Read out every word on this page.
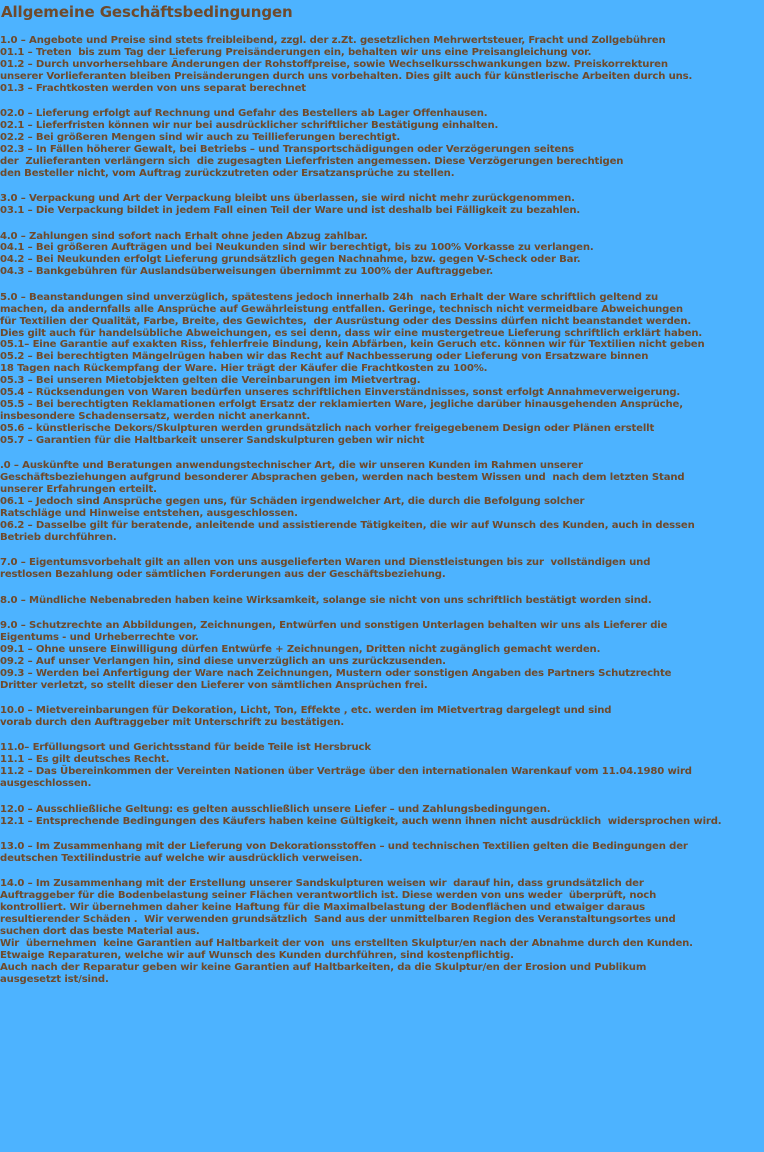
Allgemeine Geschäftsbedingungen
1.0 – Angebote und Preise sind stets freibleibend, zzgl. der z.Zt. gesetzlichen Mehrwertsteuer, Fracht und Zollgebühren
01.1 – Treten  bis zum Tag der Lieferung Preisänderungen ein, behalten wir uns eine Preisangleichung vor.
01.2 – Durch unvorhersehbare Änderungen der Rohstoffpreise, sowie Wechselkursschwankungen bzw. Preiskorrekturen
unserer Vorlieferanten bleiben Preisänderungen durch uns vorbehalten. Dies gilt auch für künstlerische Arbeiten durch uns.
01.3 – Frachtkosten werden von uns separat berechnet
02.0 – Lieferung erfolgt auf Rechnung und Gefahr des Bestellers ab Lager Offenhausen.
02.1 – Lieferfristen können wir nur bei ausdrücklicher schriftlicher Bestätigung einhalten.
02.2 – Bei größeren Mengen sind wir auch zu Teillieferungen berechtigt.
02.3 – In Fällen höherer Gewalt, bei Betriebs – und Transportschädigungen oder Verzögerungen seitens
der  Zulieferanten verlängern sich  die zugesagten Lieferfristen angemessen. Diese Verzögerungen berechtigen
den Besteller nicht, vom Auftrag zurückzutreten oder Ersatzansprüche zu stellen.
3.0 – Verpackung und Art der Verpackung bleibt uns überlassen, sie wird nicht mehr zurückgenommen.
03.1 – Die Verpackung bildet in jedem Fall einen Teil der Ware und ist deshalb bei Fälligkeit zu bezahlen.
4.0 – Zahlungen sind sofort nach Erhalt ohne jeden Abzug zahlbar.
04.1 – Bei größeren Aufträgen und bei Neukunden sind wir berechtigt, bis zu 100% Vorkasse zu verlangen.
04.2 – Bei Neukunden erfolgt Lieferung grundsätzlich gegen Nachnahme, bzw. gegen V-Scheck oder Bar.
04.3 – Bankgebühren für Auslandsüberweisungen übernimmt zu 100% der Auftraggeber.
5.0 – Beanstandungen sind unverzüglich, spätestens jedoch innerhalb 24h  nach Erhalt der Ware schriftlich geltend zu
machen, da andernfalls alle Ansprüche auf Gewährleistung entfallen. Geringe, technisch nicht vermeidbare Abweichungen
für Textilien der Qualität, Farbe, Breite, des Gewichtes,  der Ausrüstung oder des Dessins dürfen nicht beanstandet werden.
Dies gilt auch für handelsübliche Abweichungen, es sei denn, dass wir eine mustergetreue Lieferung schriftlich erklärt haben.
05.1– Eine Garantie auf exakten Riss, fehlerfreie Bindung, kein Abfärben, kein Geruch etc. können wir für Textilien nicht geben
05.2 – Bei berechtigten Mängelrügen haben wir das Recht auf Nachbesserung oder Lieferung von Ersatzware binnen
18 Tagen nach Rückempfang der Ware. Hier trägt der Käufer die Frachtkosten zu 100%.
05.3 – Bei unseren Mietobjekten gelten die Vereinbarungen im Mietvertrag.
05.4 – Rücksendungen von Waren bedürfen unseres schriftlichen Einverständnisses, sonst erfolgt Annahmeverweigerung.
05.5 – Bei berechtigten Reklamationen erfolgt Ersatz der reklamierten Ware, jegliche darüber hinausgehenden Ansprüche,
insbesondere Schadensersatz, werden nicht anerkannt.
05.6 – künstlerische Dekors/Skulpturen werden grundsätzlich nach vorher freigegebenem Design oder Plänen erstellt
05.7 – Garantien für die Haltbarkeit unserer Sandskulpturen geben wir nicht
.0 – Auskünfte und Beratungen anwendungstechnischer Art, die wir unseren Kunden im Rahmen unserer
Geschäftsbeziehungen aufgrund besonderer Absprachen geben, werden nach bestem Wissen und  nach dem letzten Stand
unserer Erfahrungen erteilt.
06.1 – Jedoch sind Ansprüche gegen uns, für Schäden irgendwelcher Art, die durch die Befolgung solcher
Ratschläge und Hinweise entstehen, ausgeschlossen.
06.2 – Dasselbe gilt für beratende, anleitende und assistierende Tätigkeiten, die wir auf Wunsch des Kunden, auch in dessen
Betrieb durchführen.
7.0 – Eigentumsvorbehalt gilt an allen von uns ausgelieferten Waren und Dienstleistungen bis zur  vollständigen und
restlosen Bezahlung oder sämtlichen Forderungen aus der Geschäftsbeziehung.
8.0 – Mündliche Nebenabreden haben keine Wirksamkeit, solange sie nicht von uns schriftlich bestätigt worden sind.
9.0 – Schutzrechte an Abbildungen, Zeichnungen, Entwürfen und sonstigen Unterlagen behalten wir uns als Lieferer die
Eigentums - und Urheberrechte vor.
09.1 – Ohne unsere Einwilligung dürfen Entwürfe + Zeichnungen, Dritten nicht zugänglich gemacht werden.
09.2 – Auf unser Verlangen hin, sind diese unverzüglich an uns zurückzusenden.
09.3 – Werden bei Anfertigung der Ware nach Zeichnungen, Mustern oder sonstigen Angaben des Partners Schutzrechte
Dritter verletzt, so stellt dieser den Lieferer von sämtlichen Ansprüchen frei.
10.0 – Mietvereinbarungen für Dekoration, Licht, Ton, Effekte , etc. werden im Mietvertrag dargelegt und sind
vorab durch den Auftraggeber mit Unterschrift zu bestätigen.
11.0– Erfüllungsort und Gerichtsstand für beide Teile ist Hersbruck
11.1 – Es gilt deutsches Recht.
11.2 – Das Übereinkommen der Vereinten Nationen über Verträge über den internationalen Warenkauf vom 11.04.1980 wird
ausgeschlossen.
12.0 – Ausschließliche Geltung: es gelten ausschließlich unsere Liefer – und Zahlungsbedingungen.
12.1 – Entsprechende Bedingungen des Käufers haben keine Gültigkeit, auch wenn ihnen nicht ausdrücklich  widersprochen wird.
13.0 – Im Zusammenhang mit der Lieferung von Dekorationsstoffen – und technischen Textilien gelten die Bedingungen der
deutschen Textilindustrie auf welche wir ausdrücklich verweisen.
14.0 – Im Zusammenhang mit der Erstellung unserer Sandskulpturen weisen wir  darauf hin, dass grundsätzlich der
Auftraggeber für die Bodenbelastung seiner Flächen verantwortlich ist. Diese werden von uns weder  überprüft, noch
kontrolliert. Wir übernehmen daher keine Haftung für die Maximalbelastung der Bodenflächen und etwaiger daraus
resultierender Schäden .  Wir verwenden grundsätzlich  Sand aus der unmittelbaren Region des Veranstaltungsortes und
suchen dort das beste Material aus.
Wir  übernehmen  keine Garantien auf Haltbarkeit der von  uns erstellten Skulptur/en nach der Abnahme durch den Kunden.
Etwaige Reparaturen, welche wir auf Wunsch des Kunden durchführen, sind kostenpflichtig.
Auch nach der Reparatur geben wir keine Garantien auf Haltbarkeiten, da die Skulptur/en der Erosion und Publikum
ausgesetzt ist/sind.
